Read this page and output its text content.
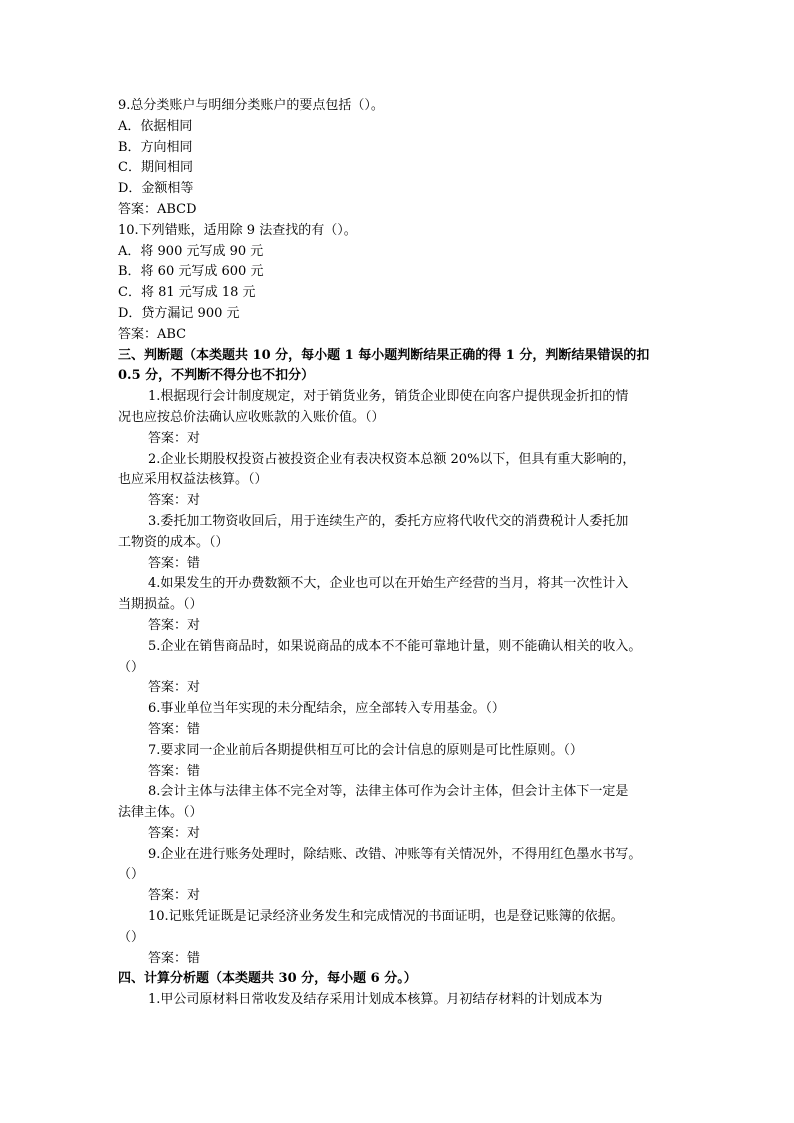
9.总分类账户与明细分类账户的要点包括（）。
A．依据相同
B．方向相同
C．期间相同
D．金额相等
答案：ABCD
10.下列错账，适用除 9 法查找的有（）。
A．将 900 元写成 90 元
B．将 60 元写成 600 元
C．将 81 元写成 18 元
D．贷方漏记 900 元
答案：ABC
三、判断题（本类题共 10 分，每小题 1 每小题判断结果正确的得 1 分，判断结果错误的扣
0.5 分，不判断不得分也不扣分）
1.根据现行会计制度规定，对于销货业务，销货企业即使在向客户提供现金折扣的情
况也应按总价法确认应收账款的入账价值。（）
答案：对
2.企业长期股权投资占被投资企业有表决权资本总额 20%以下，但具有重大影响的，
也应采用权益法核算。（）
答案：对
3.委托加工物资收回后，用于连续生产的，委托方应将代收代交的消费税计人委托加
工物资的成本。（）
答案：错
4.如果发生的开办费数额不大，企业也可以在开始生产经营的当月，将其一次性计入
当期损益。（）
答案：对
5.企业在销售商品时，如果说商品的成本不不能可靠地计量，则不能确认相关的收入。
（）
答案：对
6.事业单位当年实现的未分配结余，应全部转入专用基金。（）
答案：错
7.要求同一企业前后各期提供相互可比的会计信息的原则是可比性原则。（）
答案：错
8.会计主体与法律主体不完全对等，法律主体可作为会计主体，但会计主体下一定是
法律主体。（）
答案：对
9.企业在进行账务处理时，除结账、改错、冲账等有关情况外，不得用红色墨水书写。
（）
答案：对
10.记账凭证既是记录经济业务发生和完成情况的书面证明，也是登记账簿的依据。
（）
答案：错
四、计算分析题（本类题共 30 分，每小题 6 分。）
1.甲公司原材料日常收发及结存采用计划成本核算。月初结存材料的计划成本为
